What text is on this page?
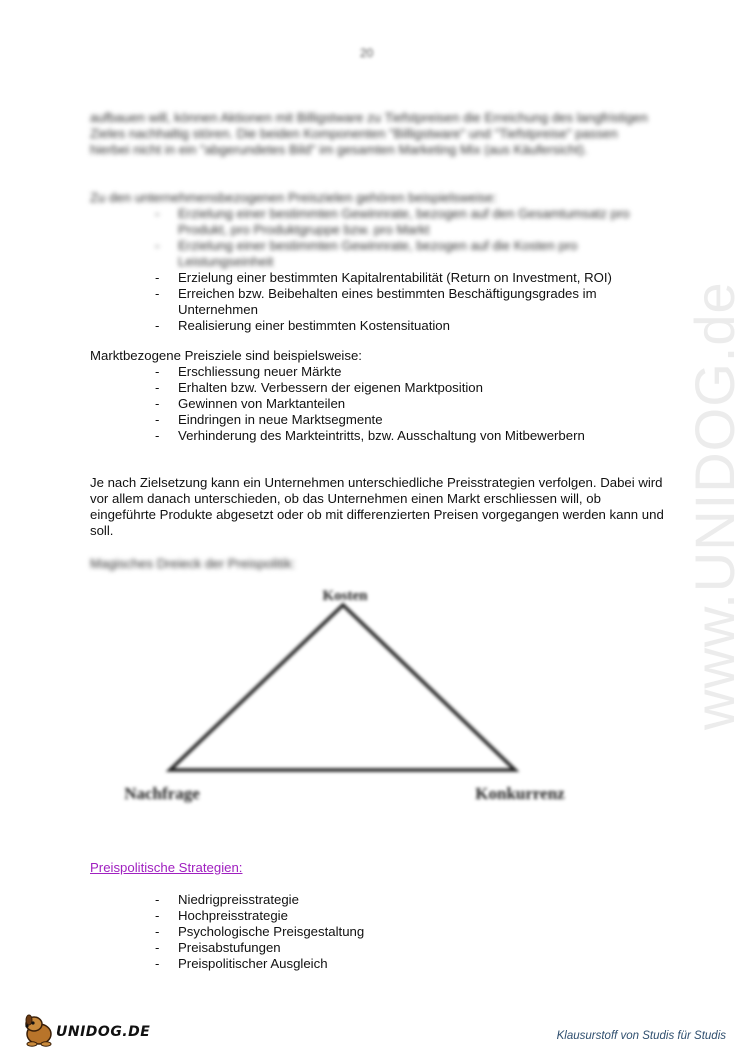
www.UNIDOG.de
20

aufbauen will, können Aktionen mit Billigstware zu Tiefstpreisen die Erreichung des langfristigen Zieles nachhaltig stören. Die beiden Komponenten "Billigstware" und "Tiefstpreise" passen hierbei nicht in ein "abgerundetes Bild" im gesamten Marketing Mix (aus Käufersicht).

Zu den unternehmensbezogenen Preiszielen gehören beispielsweise:

- Erzielung einer bestimmten Gewinnrate, bezogen auf den Gesamtumsatz pro
Produkt, pro Produktgruppe bzw. pro Markt
- Erzielung einer bestimmten Gewinnrate, bezogen auf die Kosten pro
Leistungseinheit
- Erzielung einer bestimmten Kapitalrentabilität (Return on Investment, ROI)
- Erreichen bzw. Beibehalten eines bestimmten Beschäftigungsgrades im
Unternehmen
- Realisierung einer bestimmten Kostensituation
Marktbezogene Preisziele sind beispielsweise:
- Erschliessung neuer Märkte
- Erhalten bzw. Verbessern der eigenen Marktposition
- Gewinnen von Marktanteilen
- Eindringen in neue Marktsegmente
- Verhinderung des Markteintritts, bzw. Ausschaltung von Mitbewerbern

Je nach Zielsetzung kann ein Unternehmen unterschiedliche Preisstrategien verfolgen. Dabei wird vor allem danach unterschieden, ob das Unternehmen einen Markt erschliessen will, ob eingeführte Produkte abgesetzt oder ob mit differenzierten Preisen vorgegangen werden kann und soll.

Magisches Dreieck der Preispolitik:

Kosten
Nachfrage	Konkurrenz
Preispolitische Strategien:
- Niedrigpreisstrategie
- Hochpreisstrategie
- Psychologische Preisgestaltung
- Preisabstufungen
- Preispolitischer Ausgleich
UNIDOG.DE	Klausurstoff von Studis für Studis
